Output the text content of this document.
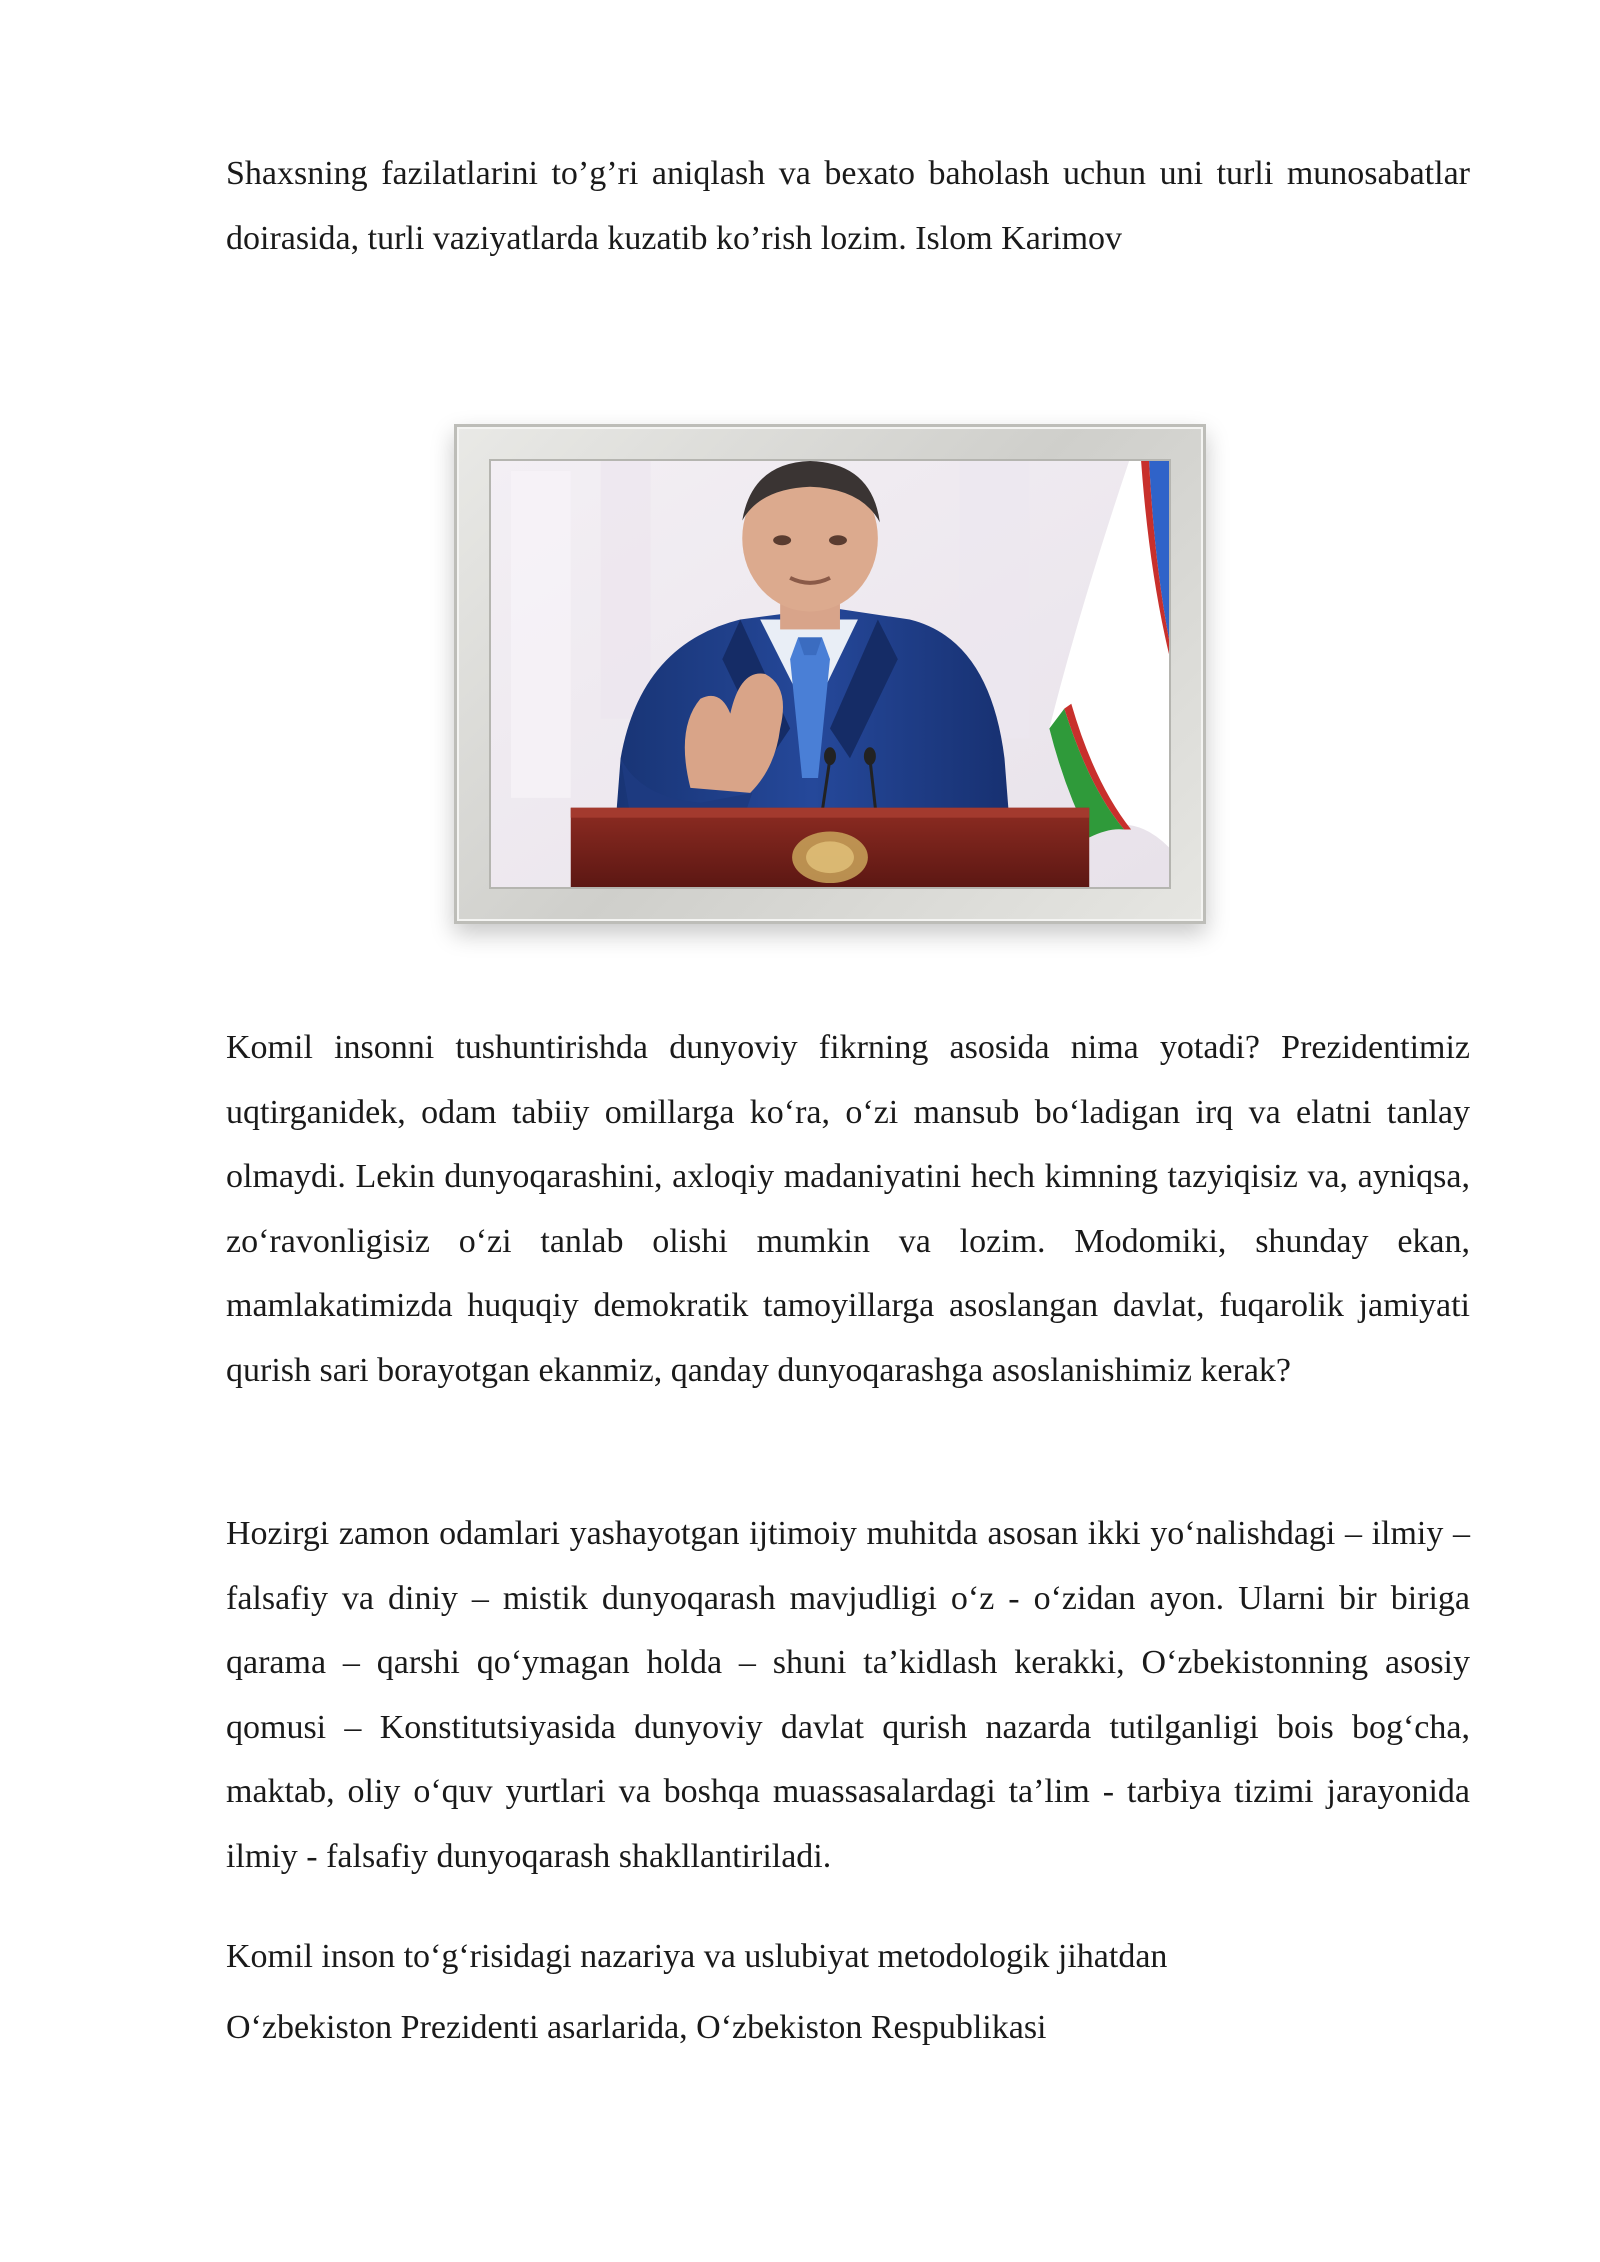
Shaxsning fazilatlarini to’g’ri aniqlash va bexato baholash uchun uni turli munosabatlar doirasida, turli vaziyatlarda kuzatib ko’rish lozim. Islom Karimov

Komil insonni tushuntirishda dunyoviy fikrning asosida nima yotadi? Prezidentimiz uqtirganidek, odam tabiiy omillarga ko‘ra, o‘zi mansub bo‘ladigan irq va elatni tanlay olmaydi. Lekin dunyoqarashini, axloqiy madaniyatini hech kimning tazyiqisiz va, ayniqsa, zo‘ravonligisiz o‘zi tanlab olishi mumkin va lozim. Modomiki, shunday ekan, mamlakatimizda huquqiy demokratik tamoyillarga asoslangan davlat, fuqarolik jamiyati qurish sari borayotgan ekanmiz, qanday dunyoqarashga asoslanishimiz kerak?

Hozirgi zamon odamlari yashayotgan ijtimoiy muhitda asosan ikki yo‘nalishdagi – ilmiy – falsafiy va diniy – mistik dunyoqarash mavjudligi o‘z - o‘zidan ayon. Ularni bir biriga qarama – qarshi qo‘ymagan holda – shuni ta’kidlash kerakki, O‘zbekistonning asosiy qomusi – Konstitutsiyasida dunyoviy davlat qurish nazarda tutilganligi bois bog‘cha, maktab, oliy o‘quv yurtlari va boshqa muassasalardagi ta’lim - tarbiya tizimi jarayonida ilmiy - falsafiy dunyoqarash shakllantiriladi.

Komil inson to‘g‘risidagi nazariya va uslubiyat metodologik jihatdan

O‘zbekiston Prezidenti asarlarida, O‘zbekiston Respublikasi
